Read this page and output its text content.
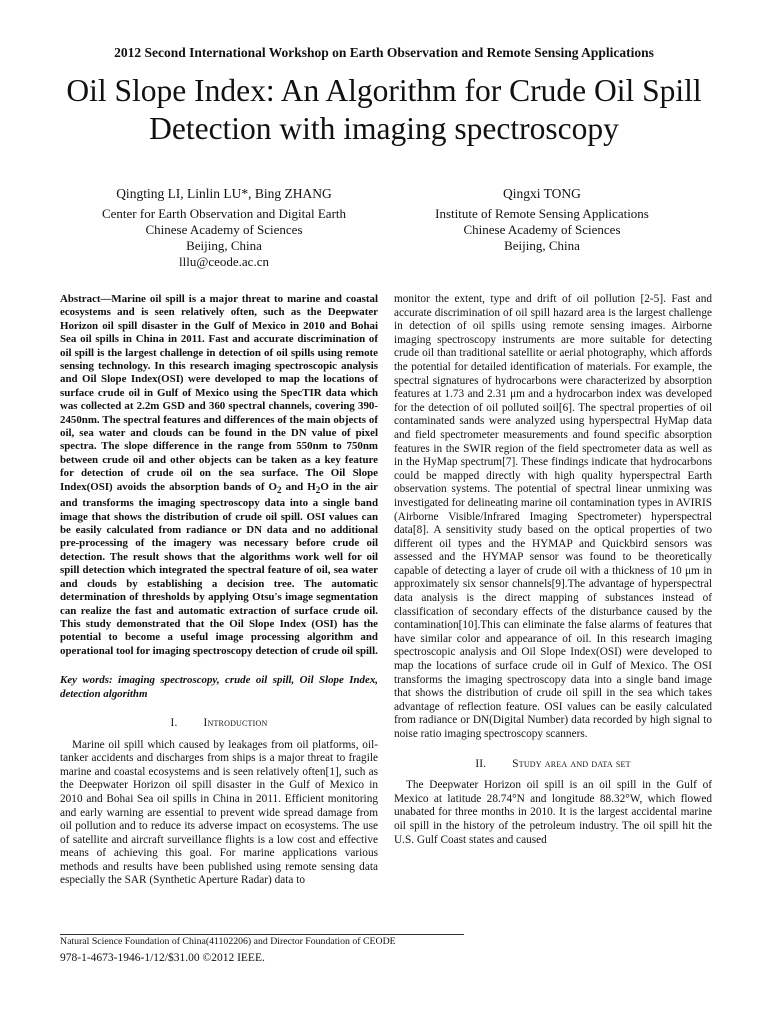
2012 Second International Workshop on Earth Observation and Remote Sensing Applications
Oil Slope Index: An Algorithm for Crude Oil Spill
Detection with imaging spectroscopy
Qingting LI, Linlin LU*, Bing ZHANG
Center for Earth Observation and Digital Earth
Chinese Academy of Sciences
Beijing, China
lllu@ceode.ac.cn
Qingxi TONG
Institute of Remote Sensing Applications
Chinese Academy of Sciences
Beijing, China

Abstract—Marine oil spill is a major threat to marine and coastal ecosystems and is seen relatively often, such as the Deepwater Horizon oil spill disaster in the Gulf of Mexico in 2010 and Bohai Sea oil spills in China in 2011. Fast and accurate discrimination of oil spill is the largest challenge in detection of oil spills using remote sensing technology. In this research imaging spectroscopic analysis and Oil Slope Index(OSI) were developed to map the locations of surface crude oil in Gulf of Mexico using the SpecTIR data which was collected at 2.2m GSD and 360 spectral channels, covering 390-2450nm. The spectral features and differences of the main objects of oil, sea water and clouds can be found in the DN value of pixel spectra. The slope difference in the range from 550nm to 750nm between crude oil and other objects can be taken as a key feature for detection of crude oil on the sea surface. The Oil Slope Index(OSI) avoids the absorption bands of $O_2$ and $H_2O$ in the air and transforms the imaging spectroscopy data into a single band image that shows the distribution of crude oil spill. OSI values can be easily calculated from radiance or DN data and no additional pre-processing of the imagery was necessary before crude oil detection. The result shows that the algorithms work well for oil spill detection which integrated the spectral feature of oil, sea water and clouds by establishing a decision tree. The automatic determination of thresholds by applying Otsu's image segmentation can realize the fast and automatic extraction of surface crude oil. This study demonstrated that the Oil Slope Index (OSI) has the potential to become a useful image processing algorithm and operational tool for imaging spectroscopy detection of crude oil spill.

Key words: imaging spectroscopy, crude oil spill, Oil Slope Index, detection algorithm

I. Introduction

Marine oil spill which caused by leakages from oil platforms, oil-tanker accidents and discharges from ships is a major threat to fragile marine and coastal ecosystems and is seen relatively often[1], such as the Deepwater Horizon oil spill disaster in the Gulf of Mexico in 2010 and Bohai Sea oil spills in China in 2011. Efficient monitoring and early warning are essential to prevent wide spread damage from oil pollution and to reduce its adverse impact on ecosystems. The use of satellite and aircraft surveillance flights is a low cost and effective means of achieving this goal. For marine applications various methods and results have been published using remote sensing data especially the SAR (Synthetic Aperture Radar) data to

monitor the extent, type and drift of oil pollution [2-5]. Fast and accurate discrimination of oil spill hazard area is the largest challenge in detection of oil spills using remote sensing images. Airborne imaging spectroscopy instruments are more suitable for detecting crude oil than traditional satellite or aerial photography, which affords the potential for detailed identification of materials. For example, the spectral signatures of hydrocarbons were characterized by absorption features at 1.73 and 2.31 μm and a hydrocarbon index was developed for the detection of oil polluted soil[6]. The spectral properties of oil contaminated sands were analyzed using hyperspectral HyMap data and field spectrometer measurements and found specific absorption features in the SWIR region of the field spectrometer data as well as in the HyMap spectrum[7]. These findings indicate that hydrocarbons could be mapped directly with high quality hyperspectral Earth observation systems. The potential of spectral linear unmixing was investigated for delineating marine oil contamination types in AVIRIS (Airborne Visible/Infrared Imaging Spectrometer) hyperspectral data[8]. A sensitivity study based on the optical properties of two different oil types and the HYMAP and Quickbird sensors was assessed and the HYMAP sensor was found to be theoretically capable of detecting a layer of crude oil with a thickness of 10 μm in approximately six sensor channels[9].The advantage of hyperspectral data analysis is the direct mapping of substances instead of classification of secondary effects of the disturbance caused by the contamination[10].This can eliminate the false alarms of features that have similar color and appearance of oil. In this research imaging spectroscopic analysis and Oil Slope Index(OSI) were developed to map the locations of surface crude oil in Gulf of Mexico. The OSI transforms the imaging spectroscopy data into a single band image that shows the distribution of crude oil spill in the sea which takes advantage of reflection feature. OSI values can be easily calculated from radiance or DN(Digital Number) data recorded by high signal to noise ratio imaging spectroscopy scanners.

II. Study area and data set

The Deepwater Horizon oil spill is an oil spill in the Gulf of Mexico at latitude 28.74°N and longitude 88.32°W, which flowed unabated for three months in 2010. It is the largest accidental marine oil spill in the history of the petroleum industry. The oil spill hit the U.S. Gulf Coast states and caused

Natural Science Foundation of China(41102206) and Director Foundation of CEODE
978-1-4673-1946-1/12/$31.00 ©2012 IEEE.
